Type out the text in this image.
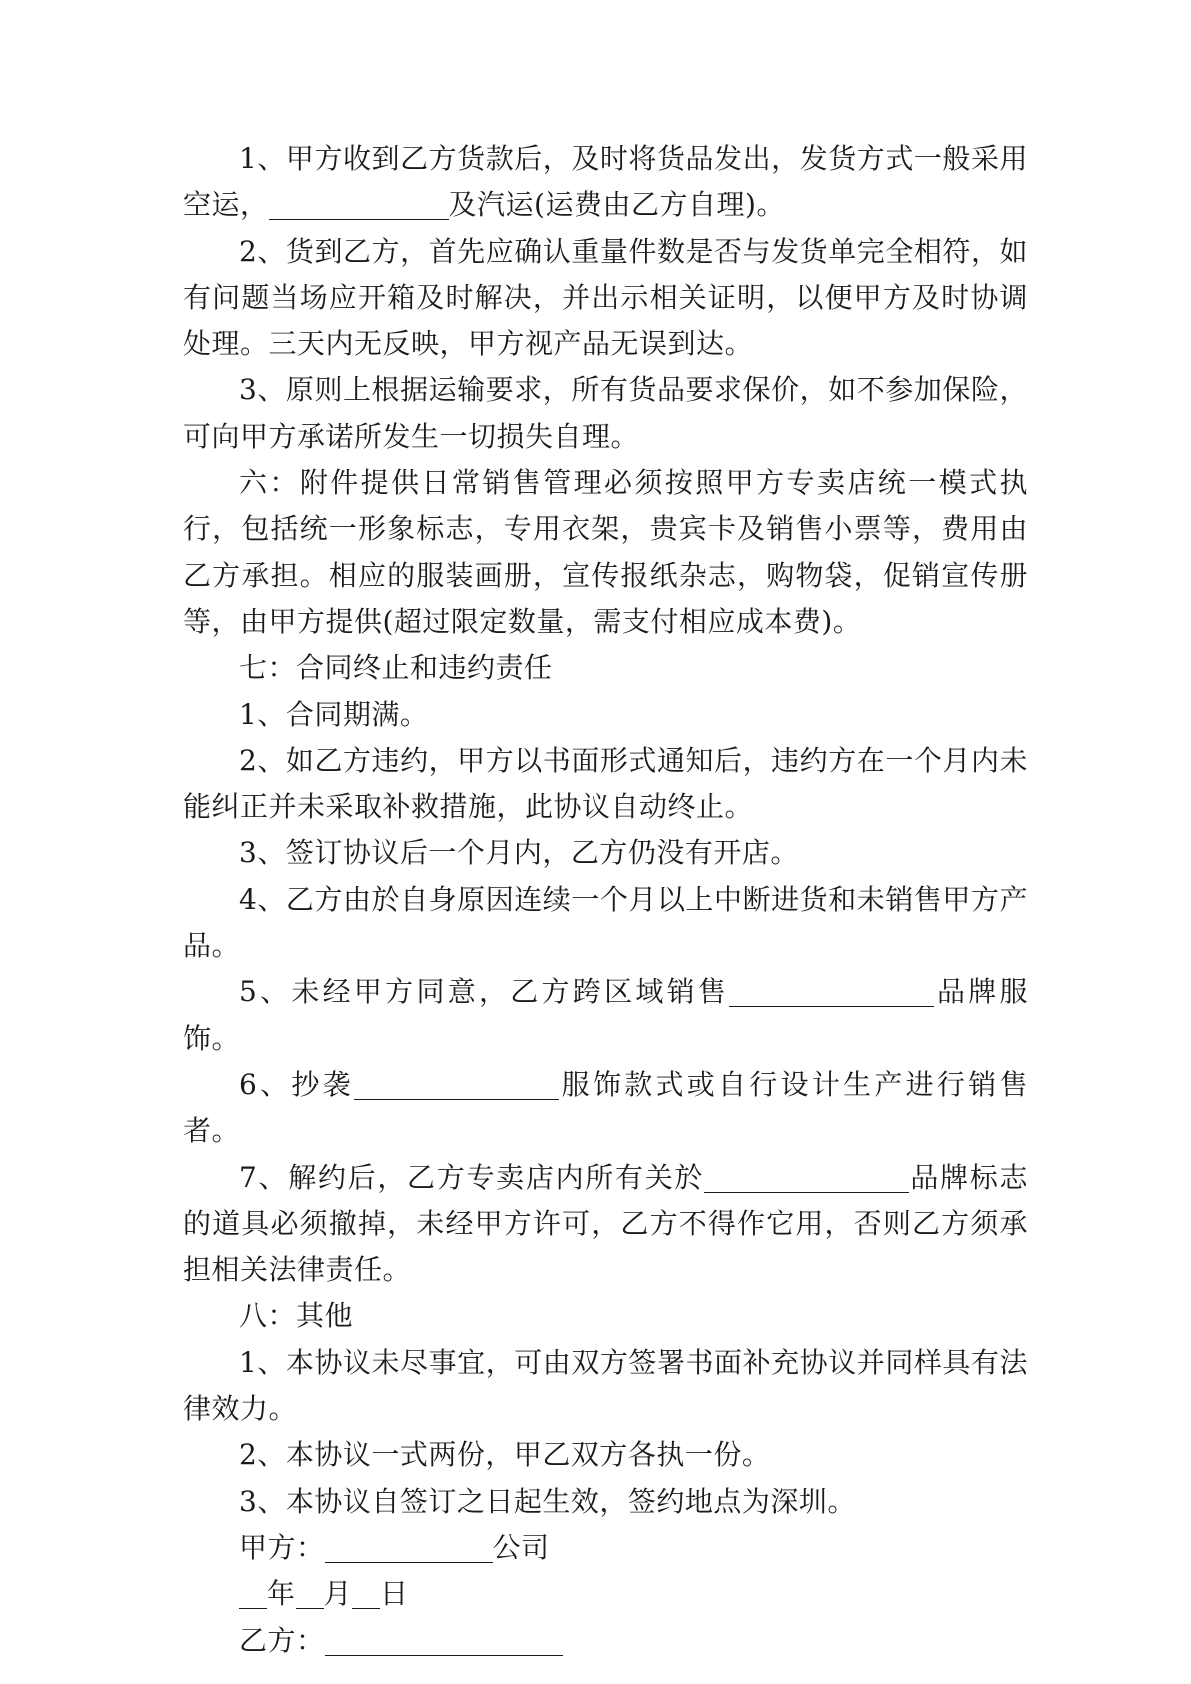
1、甲方收到乙方货款后，及时将货品发出，发货方式一般采用空运，	及汽运(运费由乙方自理)。

2、货到乙方，首先应确认重量件数是否与发货单完全相符，如有问题当场应开箱及时解决，并出示相关证明，以便甲方及时协调处理。三天内无反映，甲方视产品无误到达。

3、原则上根据运输要求，所有货品要求保价，如不参加保险，可向甲方承诺所发生一切损失自理。

六：附件提供日常销售管理必须按照甲方专卖店统一模式执行，包括统一形象标志，专用衣架，贵宾卡及销售小票等，费用由乙方承担。相应的服装画册，宣传报纸杂志，购物袋，促销宣传册等，由甲方提供(超过限定数量，需支付相应成本费)。

七：合同终止和违约责任

1、合同期满。

2、如乙方违约，甲方以书面形式通知后，违约方在一个月内未能纠正并未采取补救措施，此协议自动终止。

3、签订协议后一个月内，乙方仍没有开店。

4、乙方由於自身原因连续一个月以上中断进货和未销售甲方产品。

5、未经甲方同意，乙方跨区域销售	品牌服饰。

6、抄袭	服饰款式或自行设计生产进行销售者。

7、解约后，乙方专卖店内所有关於	品牌标志的道具必须撤掉，未经甲方许可，乙方不得作它用，否则乙方须承担相关法律责任。

八：其他

1、本协议未尽事宜，可由双方签署书面补充协议并同样具有法律效力。

2、本协议一式两份，甲乙双方各执一份。

3、本协议自签订之日起生效，签约地点为深圳。

甲方：	公司

年 月 日

乙方：
